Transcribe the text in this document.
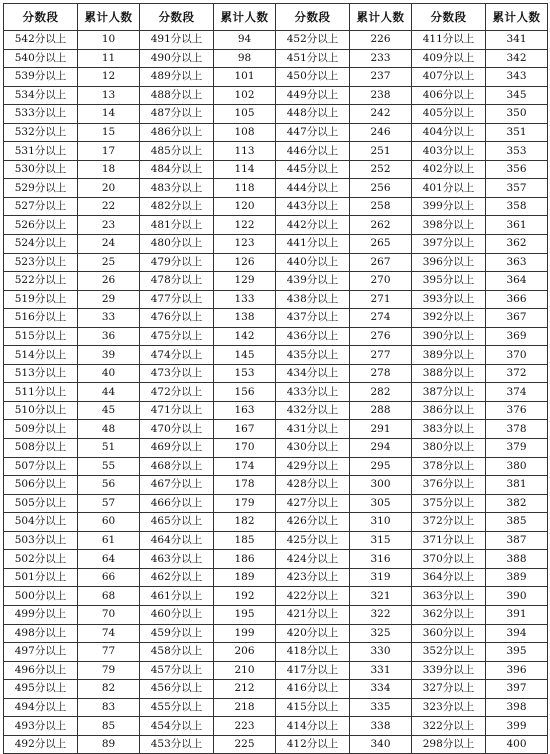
分数段	累计人数	分数段	累计人数	分数段	累计人数	分数段	累计人数
542分以上	10	491分以上	94	452分以上	226	411分以上	341
540分以上	11	490分以上	98	451分以上	233	409分以上	342
539分以上	12	489分以上	101	450分以上	237	407分以上	343
534分以上	13	488分以上	102	449分以上	238	406分以上	345
533分以上	14	487分以上	105	448分以上	242	405分以上	350
532分以上	15	486分以上	108	447分以上	246	404分以上	351
531分以上	17	485分以上	113	446分以上	251	403分以上	353
530分以上	18	484分以上	114	445分以上	252	402分以上	356
529分以上	20	483分以上	118	444分以上	256	401分以上	357
527分以上	22	482分以上	120	443分以上	258	399分以上	358
526分以上	23	481分以上	122	442分以上	262	398分以上	361
524分以上	24	480分以上	123	441分以上	265	397分以上	362
523分以上	25	479分以上	126	440分以上	267	396分以上	363
522分以上	26	478分以上	129	439分以上	270	395分以上	364
519分以上	29	477分以上	133	438分以上	271	393分以上	366
516分以上	33	476分以上	138	437分以上	274	392分以上	367
515分以上	36	475分以上	142	436分以上	276	390分以上	369
514分以上	39	474分以上	145	435分以上	277	389分以上	370
513分以上	40	473分以上	153	434分以上	278	388分以上	372
511分以上	44	472分以上	156	433分以上	282	387分以上	374
510分以上	45	471分以上	163	432分以上	288	386分以上	376
509分以上	48	470分以上	167	431分以上	291	383分以上	378
508分以上	51	469分以上	170	430分以上	294	380分以上	379
507分以上	55	468分以上	174	429分以上	295	378分以上	380
506分以上	56	467分以上	178	428分以上	300	376分以上	381
505分以上	57	466分以上	179	427分以上	305	375分以上	382
504分以上	60	465分以上	182	426分以上	310	372分以上	385
503分以上	61	464分以上	185	425分以上	315	371分以上	387
502分以上	64	463分以上	186	424分以上	316	370分以上	388
501分以上	66	462分以上	189	423分以上	319	364分以上	389
500分以上	68	461分以上	192	422分以上	321	363分以上	390
499分以上	70	460分以上	195	421分以上	322	362分以上	391
498分以上	74	459分以上	199	420分以上	325	360分以上	394
497分以上	77	458分以上	206	418分以上	330	352分以上	395
496分以上	79	457分以上	210	417分以上	331	339分以上	396
495分以上	82	456分以上	212	416分以上	334	327分以上	397
494分以上	83	455分以上	218	415分以上	335	323分以上	398
493分以上	85	454分以上	223	414分以上	338	322分以上	399
492分以上	89	453分以上	225	412分以上	340	298分以上	400
